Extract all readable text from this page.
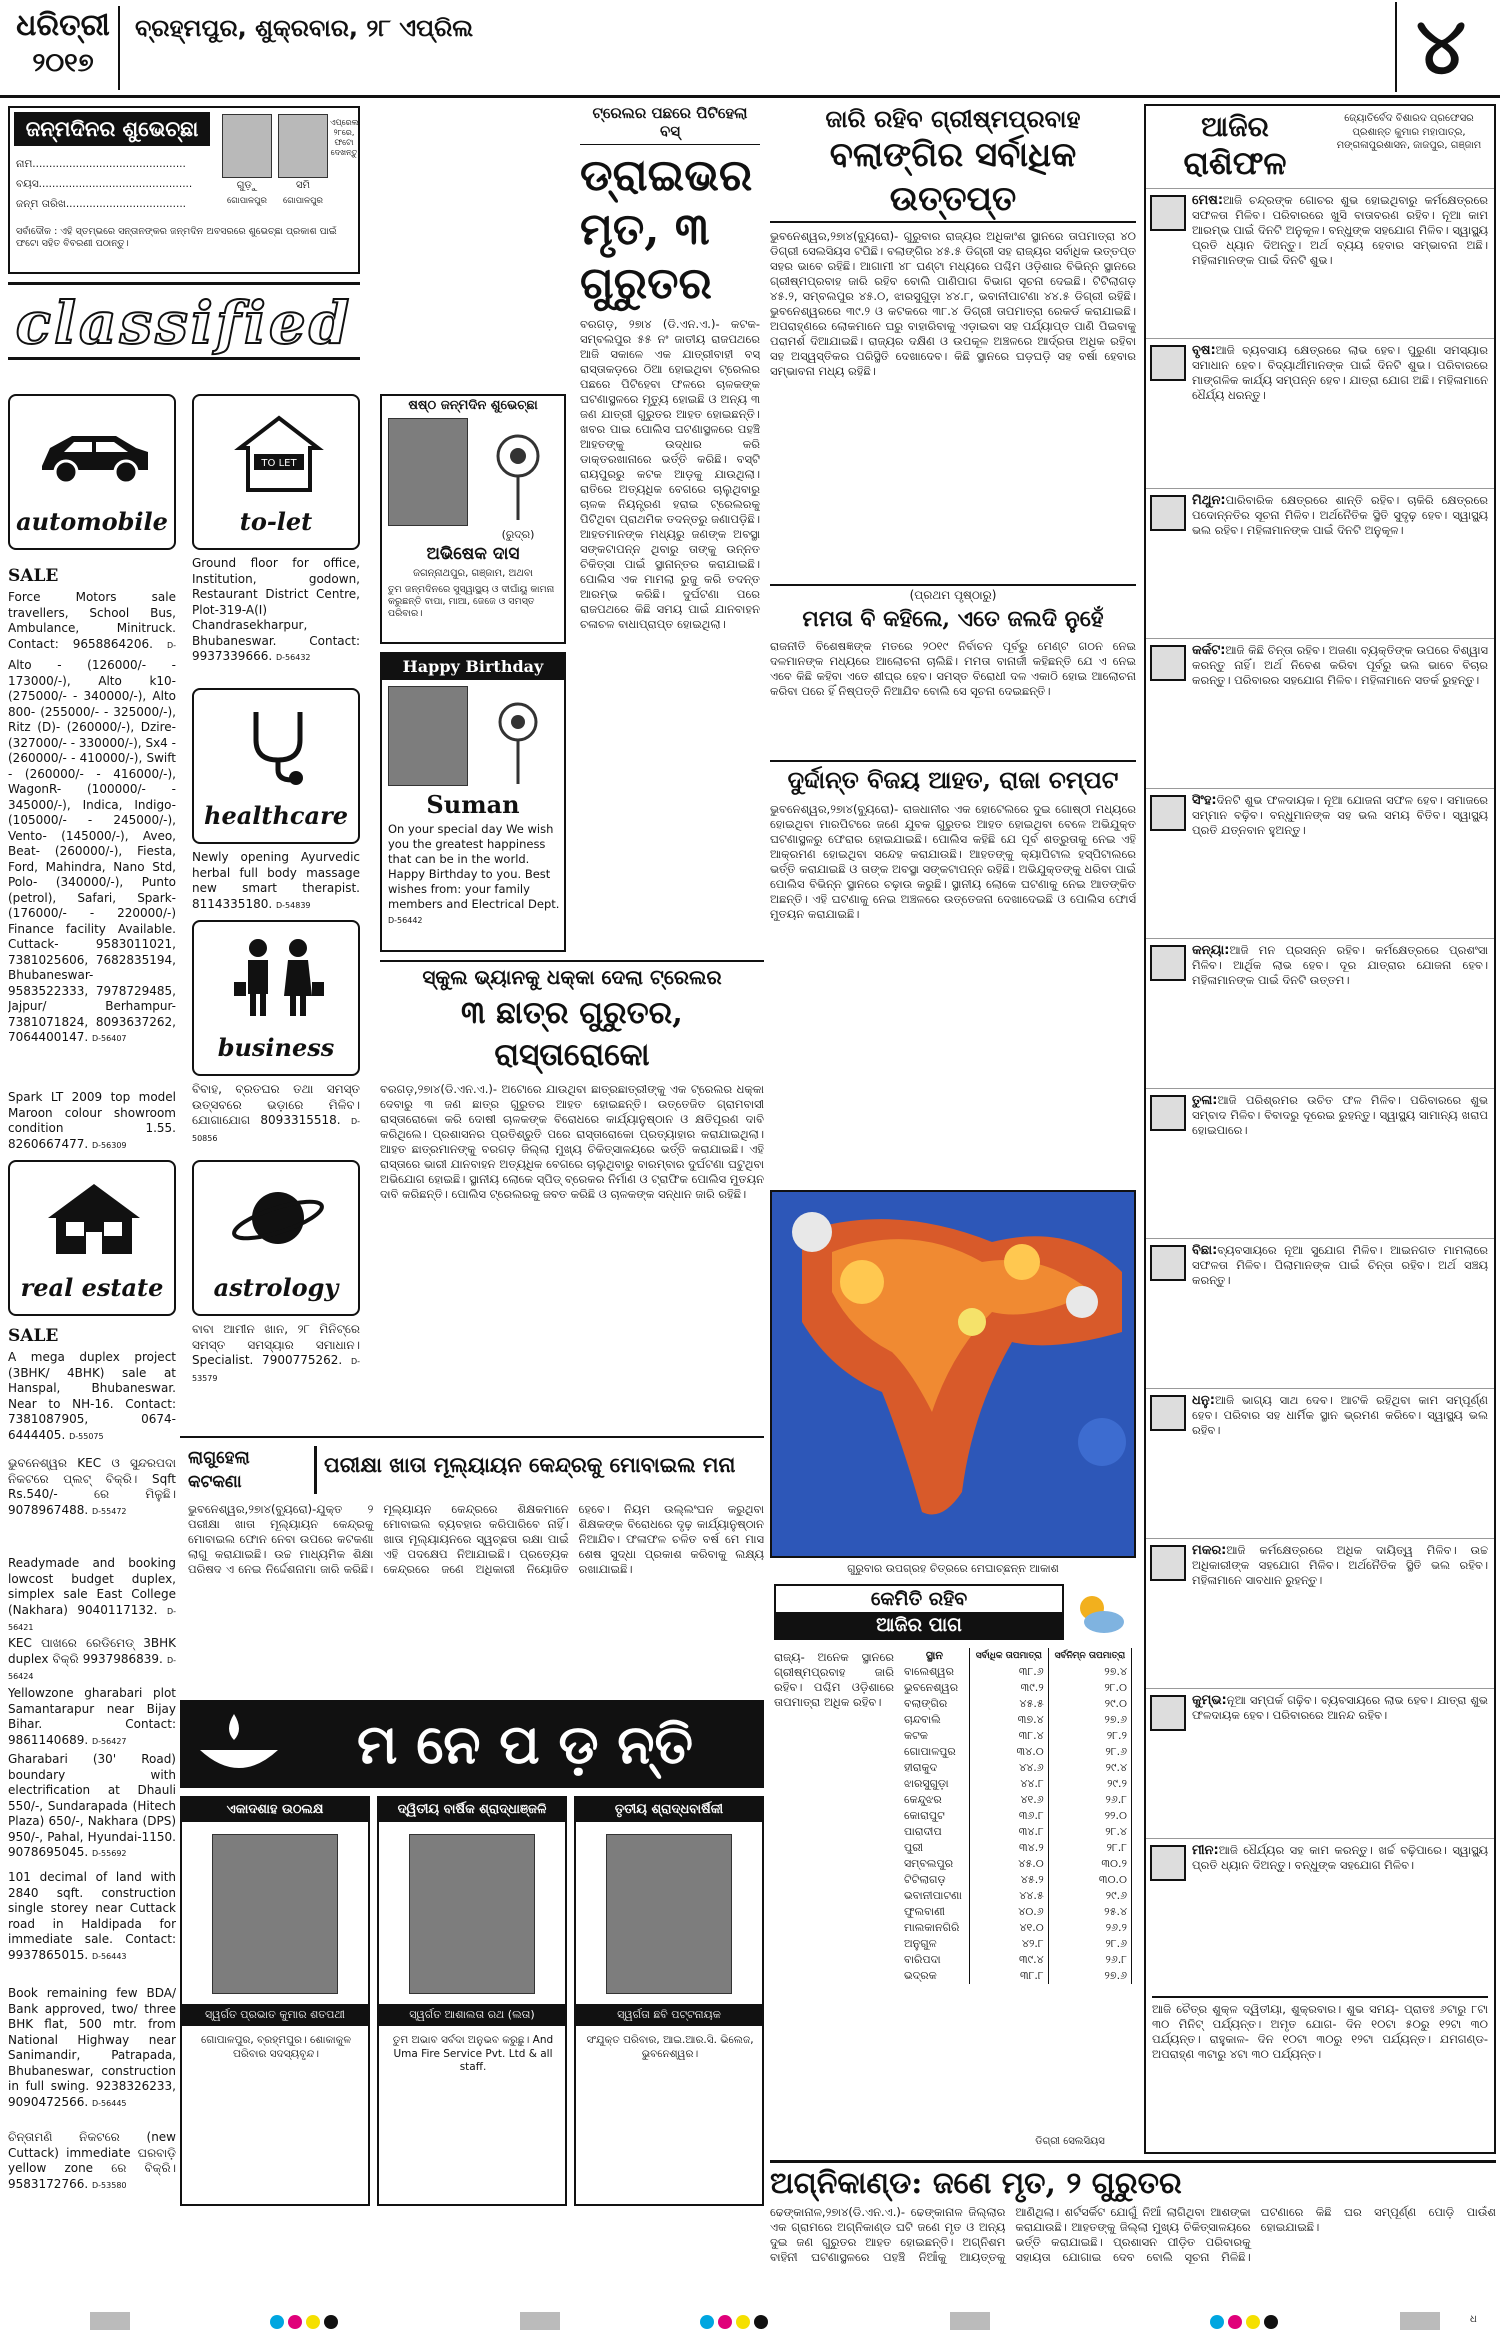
ଧରିତ୍ରୀ
୨୦୧୭
ବ୍ରହ୍ମପୁର, ଶୁକ୍ରବାର, ୨୮ ଏପ୍ରିଲ	୪
ଜନ୍ମଦିନର ଶୁଭେଚ୍ଛା
ନାମ..............................................
ବୟସ..............................................
ଜନ୍ମ ତାରିଖ....................................
ଗୁଡ଼ୁ	ସମି
ଗୋପାଳପୁର	ଗୋପାଳପୁର
ଏପ୍ରେଲ ୨୮ରେ, ଫଟୋ ଦେଖନ୍ତୁ
ସର୍ବାଦୌକ : ଏହି ସ୍ତମ୍ଭରେ ସନ୍ତାନଙ୍କର ଜନ୍ମଦିନ ଅବସରରେ ଶୁଭେଚ୍ଛା ପ୍ରକାଶ ପାଇଁ ଫଟୋ ସହିତ ବିବରଣୀ ପଠାନ୍ତୁ।
classified
automobile
SALE
Force Motors sale travellers, School Bus, Ambulance, Minitruck. Contact: 9658864206. D-
Alto - (126000/- - 173000/-), Alto k10- (275000/- - 340000/-), Alto 800- (255000/- - 325000/-), Ritz (D)- (260000/-), Dzire- (327000/- - 330000/-), Sx4 - (260000/- - 410000/-), Swift - (260000/- - 416000/-), WagonR- (100000/- - 345000/-), Indica, Indigo- (105000/- - 245000/-), Vento- (145000/-), Aveo, Beat- (260000/-), Fiesta, Ford, Mahindra, Nano Std, Polo- (340000/-), Punto (petrol), Safari, Spark- (176000/- - 220000/-) Finance facility Available. Cuttack- 9583011021, 7381025606, 7682835194, Bhubaneswar- 9583522333, 7978729485, Jajpur/ Berhampur- 7381071824, 8093637262, 7064400147. D-56407
Spark LT 2009 top model Maroon colour showroom condition 1.55. 8260667477. D-56309
real estate
SALE
A mega duplex project (3BHK/ 4BHK) sale at Hanspal, Bhubaneswar. Near to NH-16. Contact: 7381087905, 0674-6444405. D-55075
ଭୁବନେଶ୍ୱର KEC ଓ ସୁନ୍ଦରପଦା ନିକଟରେ ପ୍ଲଟ୍ ବିକ୍ରି। Sqft Rs.540/- ରେ ମିଳୁଛି। 9078967488. D-55472
Readymade and booking lowcost budget duplex, simplex sale East College (Nakhara) 9040117132. D-56421
KEC ପାଖରେ ରେଡିମେଡ୍ 3BHK duplex ବିକ୍ରି 9937986839. D-56424
Yellowzone gharabari plot Samantarapur near Bijay Bihar. Contact: 9861140689. D-56427
Gharabari (30' Road) boundary with electrification at Dhauli 550/-, Sundarapada (Hitech Plaza) 650/-, Nakhara (DPS) 950/-, Pahal, Hyundai-1150. 9078695045. D-55692
101 decimal of land with 2840 sqft. construction single storey near Cuttack road in Haldipada for immediate sale. Contact: 9937865015. D-56443
Book remaining few BDA/ Bank approved, two/ three BHK flat, 500 mtr. from National Highway near Sanimandir, Patrapada, Bhubaneswar, construction in full swing. 9238326233, 9090472566. D-56445
ଚିନ୍ତାମଣି ନିକଟରେ (new Cuttack) immediate ଘରବାଡ଼ି yellow zone ରେ ବିକ୍ରି। 9583172766. D-53580
TO LET
to-let
Ground floor for office, Institution, godown, Restaurant District Centre, Plot-319-A(I) Chandrasekharpur, Bhubaneswar. Contact: 9937339666. D-56432
healthcare
Newly opening Ayurvedic herbal full body massage new smart therapist. 8114335180. D-54839
business
ବିବାହ, ବ୍ରତଘର ତଥା ସମସ୍ତ ଉତ୍ସବରେ ଭଡ଼ାରେ ମିଳିବ। ଯୋଗାଯୋଗ 8093315518. D-50856
astrology
ବାବା ଆମୀନ ଖାନ, ୨୮ ମିନିଟ୍‌ରେ ସମସ୍ତ ସମସ୍ୟାର ସମାଧାନ। Specialist. 7900775262. D-53579
ଷଷ୍ଠ ଜନ୍ମଦିନ ଶୁଭେଚ୍ଛା
(ରୁଦ୍ର)
ଅଭିଷେକ ଦାସ
ଜଗନ୍ନାଥପୁର, ଗଞ୍ଜାମ, ଅଥବା
ତୁମ ଜନ୍ମଦିନରେ ସୁସ୍ୱାସ୍ଥ୍ୟ ଓ ଦୀର୍ଘାୟୁ କାମନା କରୁଛନ୍ତି ବାପା, ମାଆ, ଜେଜେ ଓ ସମସ୍ତ ପରିବାର।
Happy Birthday
Suman
On your special day We wish you the greatest happiness that can be in the world. Happy Birthday to you. Best wishes from: your family members and Electrical Dept. D-56442
ଟ୍ରେଲର ପଛରେ ପିଟିହେଲା ବସ୍
ଡ୍ରାଇଭର ମୃତ, ୩ ଗୁରୁତର
ବରଗଡ଼, ୨୭ା୪ (ଡି.ଏନ.ଏ.)- କଟକ-ସମ୍ବଲପୁର ୫୫ ନଂ ଜାତୀୟ ରାଜପଥରେ ଆଜି ସକାଳେ ଏକ ଯାତ୍ରୀବାହୀ ବସ୍ ରାସ୍ତାକଡ଼ରେ ଠିଆ ହୋଇଥିବା ଟ୍ରେଲର ପଛରେ ପିଟିହେବା ଫଳରେ ଚାଳକଙ୍କ ଘଟଣାସ୍ଥଳରେ ମୃତ୍ୟୁ ହୋଇଛି ଓ ଅନ୍ୟ ୩ ଜଣ ଯାତ୍ରୀ ଗୁରୁତର ଆହତ ହୋଇଛନ୍ତି। ଖବର ପାଇ ପୋଲିସ ଘଟଣାସ୍ଥଳରେ ପହଞ୍ଚି ଆହତଙ୍କୁ ଉଦ୍ଧାର କରି ଡାକ୍ତରଖାନାରେ ଭର୍ତ୍ତି କରିଛି। ବସ୍‌ଟି ରାୟପୁରରୁ କଟକ ଆଡ଼କୁ ଯାଉଥିଲା। ରାତିରେ ଅତ୍ୟଧିକ ବେଗରେ ଚାଲୁଥିବାରୁ ଚାଳକ ନିୟନ୍ତ୍ରଣ ହରାଇ ଟ୍ରେଲରକୁ ପିଟିଥିବା ପ୍ରାଥମିକ ତଦନ୍ତରୁ ଜଣାପଡ଼ିଛି। ଆହତମାନଙ୍କ ମଧ୍ୟରୁ ଜଣଙ୍କ ଅବସ୍ଥା ସଙ୍କଟାପନ୍ନ ଥିବାରୁ ତାଙ୍କୁ ଉନ୍ନତ ଚିକିତ୍ସା ପାଇଁ ସ୍ଥାନାନ୍ତର କରାଯାଇଛି। ପୋଲିସ ଏକ ମାମଲା ରୁଜୁ କରି ତଦନ୍ତ ଆରମ୍ଭ କରିଛି। ଦୁର୍ଘଟଣା ପରେ ରାଜପଥରେ କିଛି ସମୟ ପାଇଁ ଯାନବାହନ ଚଳାଚଳ ବାଧାପ୍ରାପ୍ତ ହୋଇଥିଲା।
ଜାରି ରହିବ ଗ୍ରୀଷ୍ମପ୍ରବାହ
ବଲାଙ୍ଗିର ସର୍ବାଧିକ ଉତ୍ତପ୍ତ
ଭୁବନେଶ୍ୱର,୨୭ା୪(ବ୍ୟୁରୋ)- ଗୁରୁବାର ରାଜ୍ୟର ଅଧିକାଂଶ ସ୍ଥାନରେ ତାପମାତ୍ରା ୪୦ ଡିଗ୍ରୀ ସେଲସିୟସ ଟପିଛି। ବଲାଙ୍ଗିର ୪୫.୫ ଡିଗ୍ରୀ ସହ ରାଜ୍ୟର ସର୍ବାଧିକ ଉତ୍ତପ୍ତ ସହର ଭାବେ ରହିଛି। ଆଗାମୀ ୪୮ ଘଣ୍ଟା ମଧ୍ୟରେ ପଶ୍ଚିମ ଓଡ଼ିଶାର ବିଭିନ୍ନ ସ୍ଥାନରେ ଗ୍ରୀଷ୍ମପ୍ରବାହ ଜାରି ରହିବ ବୋଲି ପାଣିପାଗ ବିଭାଗ ସୂଚନା ଦେଇଛି। ଟିଟିଲାଗଡ଼ ୪୫.୨, ସମ୍ବଲପୁର ୪୫.୦, ଝାରସୁଗୁଡ଼ା ୪୪.୮, ଭବାନୀପାଟଣା ୪୪.୫ ଡିଗ୍ରୀ ରହିଛି। ଭୁବନେଶ୍ୱରରେ ୩୯.୨ ଓ କଟକରେ ୩୮.୪ ଡିଗ୍ରୀ ତାପମାତ୍ରା ରେକର୍ଡ କରାଯାଇଛି। ଅପରାହ୍ଣରେ ଲୋକମାନେ ଘରୁ ବାହାରିବାକୁ ଏଡ଼ାଇବା ସହ ପର୍ଯ୍ୟାପ୍ତ ପାଣି ପିଇବାକୁ ପରାମର୍ଶ ଦିଆଯାଇଛି। ରାଜ୍ୟର ଦକ୍ଷିଣ ଓ ଉପକୂଳ ଅଞ୍ଚଳରେ ଆର୍ଦ୍ରତା ଅଧିକ ରହିବା ସହ ଅସ୍ୱସ୍ତିକର ପରିସ୍ଥିତି ଦେଖାଦେବ। କିଛି ସ୍ଥାନରେ ଘଡ଼ଘଡ଼ି ସହ ବର୍ଷା ହେବାର ସମ୍ଭାବନା ମଧ୍ୟ ରହିଛି।
(ପ୍ରଥମ ପୃଷ୍ଠାରୁ)
ମମତା ବି କହିଲେ, ଏତେ ଜଲଦି ନୁହେଁ
ରାଜନୀତି ବିଶେଷଜ୍ଞଙ୍କ ମତରେ ୨୦୧୯ ନିର୍ବାଚନ ପୂର୍ବରୁ ମେଣ୍ଟ ଗଠନ ନେଇ ଦଳମାନଙ୍କ ମଧ୍ୟରେ ଆଲୋଚନା ଚାଲିଛି। ମମତା ବାନାର୍ଜୀ କହିଛନ୍ତି ଯେ ଏ ନେଇ ଏବେ କିଛି କହିବା ଏତେ ଶୀଘ୍ର ହେବ। ସମସ୍ତ ବିରୋଧୀ ଦଳ ଏକାଠି ହୋଇ ଆଲୋଚନା କରିବା ପରେ ହିଁ ନିଷ୍ପତ୍ତି ନିଆଯିବ ବୋଲି ସେ ସୂଚନା ଦେଇଛନ୍ତି।
ଦୁର୍ଦ୍ଦାନ୍ତ ବିଜୟ ଆହତ, ରାଜା ଚମ୍ପଟ
ଭୁବନେଶ୍ୱର,୨୭ା୪(ବ୍ୟୁରୋ)- ରାଜଧାନୀର ଏକ ହୋଟେଲରେ ଦୁଇ ଗୋଷ୍ଠୀ ମଧ୍ୟରେ ହୋଇଥିବା ମାରପିଟରେ ଜଣେ ଯୁବକ ଗୁରୁତର ଆହତ ହୋଇଥିବା ବେଳେ ଅଭିଯୁକ୍ତ ଘଟଣାସ୍ଥଳରୁ ଫେରାର ହୋଇଯାଇଛି। ପୋଲିସ କହିଛି ଯେ ପୂର୍ବ ଶତ୍ରୁତାକୁ ନେଇ ଏହି ଆକ୍ରମଣ ହୋଇଥିବା ସନ୍ଦେହ କରାଯାଉଛି। ଆହତଙ୍କୁ କ୍ୟାପିଟାଲ ହସ୍ପିଟାଲରେ ଭର୍ତ୍ତି କରାଯାଇଛି ଓ ତାଙ୍କ ଅବସ୍ଥା ସଙ୍କଟାପନ୍ନ ରହିଛି। ଅଭିଯୁକ୍ତଙ୍କୁ ଧରିବା ପାଇଁ ପୋଲିସ ବିଭିନ୍ନ ସ୍ଥାନରେ ଚଢ଼ାଉ କରୁଛି। ସ୍ଥାନୀୟ ଲୋକେ ଘଟଣାକୁ ନେଇ ଆତଙ୍କିତ ଅଛନ୍ତି। ଏହି ଘଟଣାକୁ ନେଇ ଅଞ୍ଚଳରେ ଉତ୍ତେଜନା ଦେଖାଦେଇଛି ଓ ପୋଲିସ ଫୋର୍ସ ମୁତୟନ କରାଯାଇଛି।
ସ୍କୁଲ ଭ୍ୟାନକୁ ଧକ୍କା ଦେଲା ଟ୍ରେଲର
୩ ଛାତ୍ର ଗୁରୁତର, ରାସ୍ତାରୋକୋ
ବରଗଡ଼,୨୭ା୪(ଡି.ଏନ.ଏ.)- ଅଟୋରେ ଯାଉଥିବା ଛାତ୍ରଛାତ୍ରୀଙ୍କୁ ଏକ ଟ୍ରେଲର ଧକ୍କା ଦେବାରୁ ୩ ଜଣ ଛାତ୍ର ଗୁରୁତର ଆହତ ହୋଇଛନ୍ତି। ଉତ୍ତେଜିତ ଗ୍ରାମବାସୀ ରାସ୍ତାରୋକୋ କରି ଦୋଷୀ ଚାଳକଙ୍କ ବିରୋଧରେ କାର୍ଯ୍ୟାନୁଷ୍ଠାନ ଓ କ୍ଷତିପୂରଣ ଦାବି କରିଥିଲେ। ପ୍ରଶାସନର ପ୍ରତିଶ୍ରୁତି ପରେ ରାସ୍ତାରୋକୋ ପ୍ରତ୍ୟାହାର କରାଯାଇଥିଲା। ଆହତ ଛାତ୍ରମାନଙ୍କୁ ବରଗଡ଼ ଜିଲ୍ଲା ମୁଖ୍ୟ ଚିକିତ୍ସାଳୟରେ ଭର୍ତ୍ତି କରାଯାଇଛି। ଏହି ରାସ୍ତାରେ ଭାରୀ ଯାନବାହନ ଅତ୍ୟଧିକ ବେଗରେ ଚାଲୁଥିବାରୁ ବାରମ୍ବାର ଦୁର୍ଘଟଣା ଘଟୁଥିବା ଅଭିଯୋଗ ହୋଇଛି। ସ୍ଥାନୀୟ ଲୋକେ ସ୍ପିଡ୍ ବ୍ରେକର ନିର୍ମାଣ ଓ ଟ୍ରାଫିକ ପୋଲିସ ମୁତୟନ ଦାବି କରିଛନ୍ତି। ପୋଲିସ ଟ୍ରେଲରକୁ ଜବତ କରିଛି ଓ ଚାଳକଙ୍କ ସନ୍ଧାନ ଜାରି ରହିଛି।
ଲାଗୁହେଲା କଟକଣା
ପରୀକ୍ଷା ଖାତା ମୂଲ୍ୟାୟନ କେନ୍ଦ୍ରକୁ ମୋବାଇଲ ମନା
ଭୁବନେଶ୍ୱର,୨୭ା୪(ବ୍ୟୁରୋ)-ଯୁକ୍ତ ୨ ପରୀକ୍ଷା ଖାତା ମୂଲ୍ୟାୟନ କେନ୍ଦ୍ରକୁ ମୋବାଇଲ ଫୋନ ନେବା ଉପରେ କଟକଣା ଲାଗୁ କରାଯାଇଛି। ଉଚ୍ଚ ମାଧ୍ୟମିକ ଶିକ୍ଷା ପରିଷଦ ଏ ନେଇ ନିର୍ଦ୍ଦେଶନାମା ଜାରି କରିଛି। ମୂଲ୍ୟାୟନ କେନ୍ଦ୍ରରେ ଶିକ୍ଷକମାନେ ମୋବାଇଲ ବ୍ୟବହାର କରିପାରିବେ ନାହିଁ। ଖାତା ମୂଲ୍ୟାୟନରେ ସ୍ୱଚ୍ଛତା ରକ୍ଷା ପାଇଁ ଏହି ପଦକ୍ଷେପ ନିଆଯାଇଛି। ପ୍ରତ୍ୟେକ କେନ୍ଦ୍ରରେ ଜଣେ ଅଧିକାରୀ ନିୟୋଜିତ ହେବେ। ନିୟମ ଉଲ୍ଲଂଘନ କରୁଥିବା ଶିକ୍ଷକଙ୍କ ବିରୋଧରେ ଦୃଢ଼ କାର୍ଯ୍ୟାନୁଷ୍ଠାନ ନିଆଯିବ। ଫଳାଫଳ ଚଳିତ ବର୍ଷ ମେ ମାସ ଶେଷ ସୁଦ୍ଧା ପ୍ରକାଶ କରିବାକୁ ଲକ୍ଷ୍ୟ ରଖାଯାଇଛି।
ମ ନେ ପ ଡ଼ ନ୍ତି
ଏକାଦଶାହ ଉଠଲକ୍ଷ
ସ୍ୱର୍ଗତ ପ୍ରଭାତ କୁମାର ଶତପଥୀ
ଗୋପାଳପୁର, ବ୍ରହ୍ମପୁର। ଶୋକାକୁଳ ପରିବାର ସଦସ୍ୟବୃନ୍ଦ।
ଦ୍ୱିତୀୟ ବାର୍ଷିକ ଶ୍ରାଦ୍ଧାଞ୍ଜଳି
ସ୍ୱର୍ଗତ ଆଶାଲତା ରଥ (ଲତା)
ତୁମ ଅଭାବ ସର୍ବଦା ଅନୁଭବ କରୁଛୁ। And Uma Fire Service Pvt. Ltd & all staff.
ତୃତୀୟ ଶ୍ରାଦ୍ଧବାର୍ଷିକୀ
ସ୍ୱର୍ଗତା ଛବି ପଟ୍ଟନାୟକ
ସଂଯୁକ୍ତ ପରିବାର, ଆଇ.ଆର.ସି. ଭିଲେଜ, ଭୁବନେଶ୍ୱର।
ଗୁରୁବାର ଉପଗ୍ରହ ଚିତ୍ରରେ ମେଘାଚ୍ଛନ୍ନ ଆକାଶ
କେମିତି ରହିବ
ଆଜିର ପାଗ
ରାଜ୍ୟ- ଅନେକ ସ୍ଥାନରେ ଗ୍ରୀଷ୍ମପ୍ରବାହ ଜାରି ରହିବ। ପଶ୍ଚିମ ଓଡ଼ିଶାରେ ତାପମାତ୍ରା ଅଧିକ ରହିବ।
ସ୍ଥାନ	ସର୍ବାଧିକ ତାପମାତ୍ରା	ସର୍ବନିମ୍ନ ତାପମାତ୍ରା
ବାଲେଶ୍ୱର	୩୮.୬	୨୭.୪
ଭୁବନେଶ୍ୱର	୩୯.୨	୨୮.୦
ବଲାଙ୍ଗିର	୪୫.୫	୨୯.୦
ଚାନ୍ଦବାଲି	୩୭.୪	୨୭.୬
କଟକ	୩୮.୪	୨୮.୨
ଗୋପାଳପୁର	୩୪.୦	୨୮.୬
ହୀରାକୁଦ	୪୪.୬	୨୯.୪
ଝାରସୁଗୁଡ଼ା	୪୪.୮	୨୯.୨
କେନ୍ଦୁଝର	୪୧.୬	୨୬.୮
କୋରାପୁଟ	୩୬.୮	୨୨.୦
ପାରାଦୀପ	୩୪.୮	୨୮.୪
ପୁରୀ	୩୪.୨	୨୮.୮
ସମ୍ବଲପୁର	୪୫.୦	୩୦.୨
ଟିଟିଲାଗଡ଼	୪୫.୨	୩୦.୦
ଭବାନୀପାଟଣା	୪୪.୫	୨୯.୬
ଫୁଲବାଣୀ	୪୦.୬	୨୫.୪
ମାଲକାନଗିରି	୪୧.୦	୨୬.୨
ଅନୁଗୁଳ	୪୨.୮	୨୮.୬
ବାରିପଦା	୩୯.୪	୨୬.୮
ଭଦ୍ରକ	୩୮.୮	୨୭.୬
ଡିଗ୍ରୀ ସେଲସିୟସ
ଅଗ୍ନିକାଣ୍ଡ: ଜଣେ ମୃତ, ୨ ଗୁରୁତର
ଢେଙ୍କାନାଳ,୨୭ା୪(ଡି.ଏନ.ଏ.)- ଢେଙ୍କାନାଳ ଜିଲ୍ଲାର ଏକ ଗ୍ରାମରେ ଅଗ୍ନିକାଣ୍ଡ ଘଟି ଜଣେ ମୃତ ଓ ଅନ୍ୟ ଦୁଇ ଜଣ ଗୁରୁତର ଆହତ ହୋଇଛନ୍ତି। ଅଗ୍ନିଶମ ବାହିନୀ ଘଟଣାସ୍ଥଳରେ ପହଞ୍ଚି ନିଆଁକୁ ଆୟତ୍ତକୁ ଆଣିଥିଲା। ଶର୍ଟସର୍କିଟ ଯୋଗୁଁ ନିଆଁ ଲାଗିଥିବା ଆଶଙ୍କା କରାଯାଉଛି। ଆହତଙ୍କୁ ଜିଲ୍ଲା ମୁଖ୍ୟ ଚିକିତ୍ସାଳୟରେ ଭର୍ତ୍ତି କରାଯାଇଛି। ପ୍ରଶାସନ ପୀଡ଼ିତ ପରିବାରକୁ ସହାୟତା ଯୋଗାଇ ଦେବ ବୋଲି ସୂଚନା ମିଳିଛି। ଘଟଣାରେ କିଛି ଘର ସମ୍ପୂର୍ଣ୍ଣ ପୋଡ଼ି ପାଉଁଶ ହୋଇଯାଇଛି।
ଆଜିର
ରାଶିଫଳ
ଜ୍ୟୋତିର୍ବେଦ ବିଶାରଦ ପ୍ରଫେସର ପ୍ରଶାନ୍ତ କୁମାର ମହାପାତ୍ର, ମଙ୍ଗଳାପୁରଶାସନ, ଜାଜପୁର, ଗଞ୍ଜାମ
ମେଷ:ଆଜି ଚନ୍ଦ୍ରଙ୍କ ଗୋଚର ଶୁଭ ହୋଇଥିବାରୁ କର୍ମକ୍ଷେତ୍ରରେ ସଫଳତା ମିଳିବ। ପରିବାରରେ ଖୁସି ବାତାବରଣ ରହିବ। ନୂଆ କାମ ଆରମ୍ଭ ପାଇଁ ଦିନଟି ଅନୁକୂଳ। ବନ୍ଧୁଙ୍କ ସହଯୋଗ ମିଳିବ। ସ୍ୱାସ୍ଥ୍ୟ ପ୍ରତି ଧ୍ୟାନ ଦିଅନ୍ତୁ। ଅର୍ଥ ବ୍ୟୟ ହେବାର ସମ୍ଭାବନା ଅଛି। ମହିଳାମାନଙ୍କ ପାଇଁ ଦିନଟି ଶୁଭ।
ବୃଷ:ଆଜି ବ୍ୟବସାୟ କ୍ଷେତ୍ରରେ ଲାଭ ହେବ। ପୁରୁଣା ସମସ୍ୟାର ସମାଧାନ ହେବ। ବିଦ୍ୟାର୍ଥୀମାନଙ୍କ ପାଇଁ ଦିନଟି ଶୁଭ। ପରିବାରରେ ମାଙ୍ଗଳିକ କାର୍ଯ୍ୟ ସମ୍ପନ୍ନ ହେବ। ଯାତ୍ରା ଯୋଗ ଅଛି। ମହିଳାମାନେ ଧୈର୍ଯ୍ୟ ଧରନ୍ତୁ।
ମିଥୁନ:ପାରିବାରିକ କ୍ଷେତ୍ରରେ ଶାନ୍ତି ରହିବ। ଚାକିରି କ୍ଷେତ୍ରରେ ପଦୋନ୍ନତିର ସୂଚନା ମିଳିବ। ଅର୍ଥନୈତିକ ସ୍ଥିତି ସୁଦୃଢ଼ ହେବ। ସ୍ୱାସ୍ଥ୍ୟ ଭଲ ରହିବ। ମହିଳାମାନଙ୍କ ପାଇଁ ଦିନଟି ଅନୁକୂଳ।
କର୍କଟ:ଆଜି କିଛି ଚିନ୍ତା ରହିବ। ଅଜଣା ବ୍ୟକ୍ତିଙ୍କ ଉପରେ ବିଶ୍ୱାସ କରନ୍ତୁ ନାହିଁ। ଅର୍ଥ ନିବେଶ କରିବା ପୂର୍ବରୁ ଭଲ ଭାବେ ବିଚାର କରନ୍ତୁ। ପରିବାରର ସହଯୋଗ ମିଳିବ। ମହିଳାମାନେ ସତର୍କ ରୁହନ୍ତୁ।
ସିଂହ:ଦିନଟି ଶୁଭ ଫଳଦାୟକ। ନୂଆ ଯୋଜନା ସଫଳ ହେବ। ସମାଜରେ ସମ୍ମାନ ବଢ଼ିବ। ବନ୍ଧୁମାନଙ୍କ ସହ ଭଲ ସମୟ ବିତିବ। ସ୍ୱାସ୍ଥ୍ୟ ପ୍ରତି ଯତ୍ନବାନ ହୁଅନ୍ତୁ।
କନ୍ୟା:ଆଜି ମନ ପ୍ରସନ୍ନ ରହିବ। କର୍ମକ୍ଷେତ୍ରରେ ପ୍ରଶଂସା ମିଳିବ। ଆର୍ଥିକ ଲାଭ ହେବ। ଦୂର ଯାତ୍ରାର ଯୋଜନା ହେବ। ମହିଳାମାନଙ୍କ ପାଇଁ ଦିନଟି ଉତ୍ତମ।
ତୁଳା:ଆଜି ପରିଶ୍ରମର ଉଚିତ ଫଳ ମିଳିବ। ପରିବାରରେ ଶୁଭ ସମ୍ବାଦ ମିଳିବ। ବିବାଦରୁ ଦୂରେଇ ରୁହନ୍ତୁ। ସ୍ୱାସ୍ଥ୍ୟ ସାମାନ୍ୟ ଖରାପ ହୋଇପାରେ।
ବିଛା:ବ୍ୟବସାୟରେ ନୂଆ ସୁଯୋଗ ମିଳିବ। ଆଇନଗତ ମାମଲାରେ ସଫଳତା ମିଳିବ। ପିଲାମାନଙ୍କ ପାଇଁ ଚିନ୍ତା ରହିବ। ଅର୍ଥ ସଞ୍ଚୟ କରନ୍ତୁ।
ଧନୁ:ଆଜି ଭାଗ୍ୟ ସାଥ ଦେବ। ଆଟକି ରହିଥିବା କାମ ସମ୍ପୂର୍ଣ୍ଣ ହେବ। ପରିବାର ସହ ଧାର୍ମିକ ସ୍ଥାନ ଭ୍ରମଣ କରିବେ। ସ୍ୱାସ୍ଥ୍ୟ ଭଲ ରହିବ।
ମକର:ଆଜି କର୍ମକ୍ଷେତ୍ରରେ ଅଧିକ ଦାୟିତ୍ୱ ମିଳିବ। ଉଚ୍ଚ ଅଧିକାରୀଙ୍କ ସହଯୋଗ ମିଳିବ। ଅର୍ଥନୈତିକ ସ୍ଥିତି ଭଲ ରହିବ। ମହିଳାମାନେ ସାବଧାନ ରୁହନ୍ତୁ।
କୁମ୍ଭ:ନୂଆ ସମ୍ପର୍କ ଗଢ଼ିବ। ବ୍ୟବସାୟରେ ଲାଭ ହେବ। ଯାତ୍ରା ଶୁଭ ଫଳଦାୟକ ହେବ। ପରିବାରରେ ଆନନ୍ଦ ରହିବ।
ମୀନ:ଆଜି ଧୈର୍ଯ୍ୟର ସହ କାମ କରନ୍ତୁ। ଖର୍ଚ୍ଚ ବଢ଼ିପାରେ। ସ୍ୱାସ୍ଥ୍ୟ ପ୍ରତି ଧ୍ୟାନ ଦିଅନ୍ତୁ। ବନ୍ଧୁଙ୍କ ସହଯୋଗ ମିଳିବ।
ଆଜି ଚୈତ୍ର ଶୁକ୍ଳ ଦ୍ୱିତୀୟା, ଶୁକ୍ରବାର। ଶୁଭ ସମୟ- ପ୍ରାତଃ ୬ଟାରୁ ୮ଟା ୩୦ ମିନିଟ୍ ପର୍ଯ୍ୟନ୍ତ। ଅମୃତ ଯୋଗ- ଦିନ ୧୦ଟା ୫୦ରୁ ୧୨ଟା ୩୦ ପର୍ଯ୍ୟନ୍ତ। ରାହୁକାଳ- ଦିନ ୧୦ଟା ୩୦ରୁ ୧୨ଟା ପର୍ଯ୍ୟନ୍ତ। ଯମଗଣ୍ଡ- ଅପରାହ୍ଣ ୩ଟାରୁ ୪ଟା ୩୦ ପର୍ଯ୍ୟନ୍ତ।
ଧ
